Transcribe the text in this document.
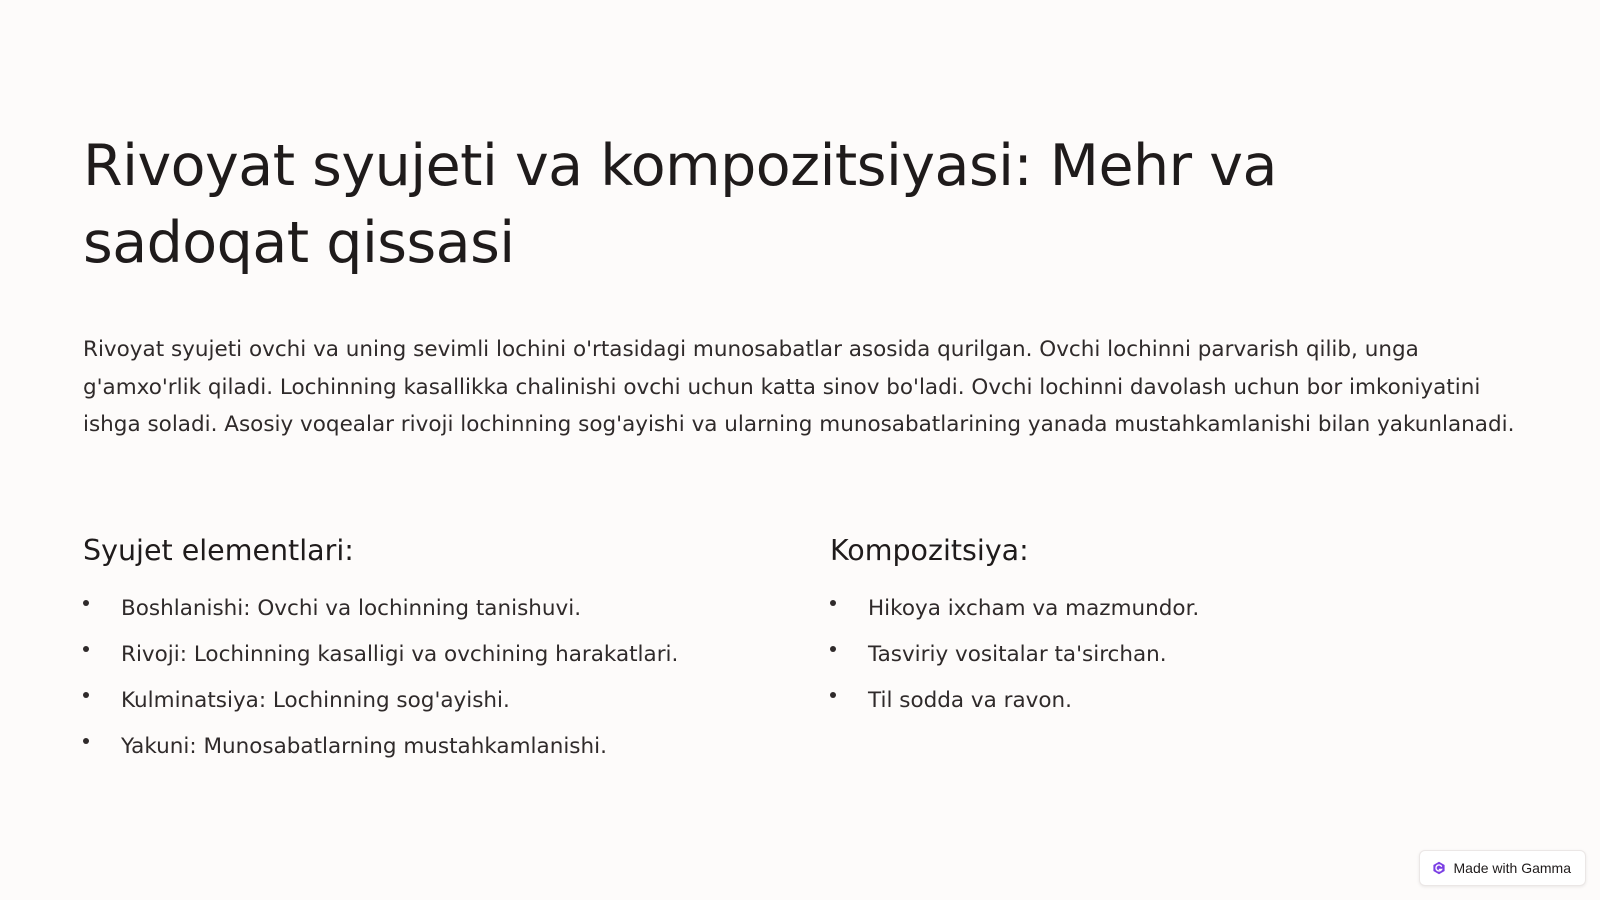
Rivoyat syujeti va kompozitsiyasi: Mehr va sadoqat qissasi

Rivoyat syujeti ovchi va uning sevimli lochini o'rtasidagi munosabatlar asosida qurilgan. Ovchi lochinni parvarish qilib, unga g'amxo'rlik qiladi. Lochinning kasallikka chalinishi ovchi uchun katta sinov bo'ladi. Ovchi lochinni davolash uchun bor imkoniyatini ishga soladi. Asosiy voqealar rivoji lochinning sog'ayishi va ularning munosabatlarining yanada mustahkamlanishi bilan yakunlanadi.

Syujet elementlari:
Boshlanishi: Ovchi va lochinning tanishuvi.
Rivoji: Lochinning kasalligi va ovchining harakatlari.
Kulminatsiya: Lochinning sog'ayishi.
Yakuni: Munosabatlarning mustahkamlanishi.
Kompozitsiya:
Hikoya ixcham va mazmundor.
Tasviriy vositalar ta'sirchan.
Til sodda va ravon.
Made with Gamma
